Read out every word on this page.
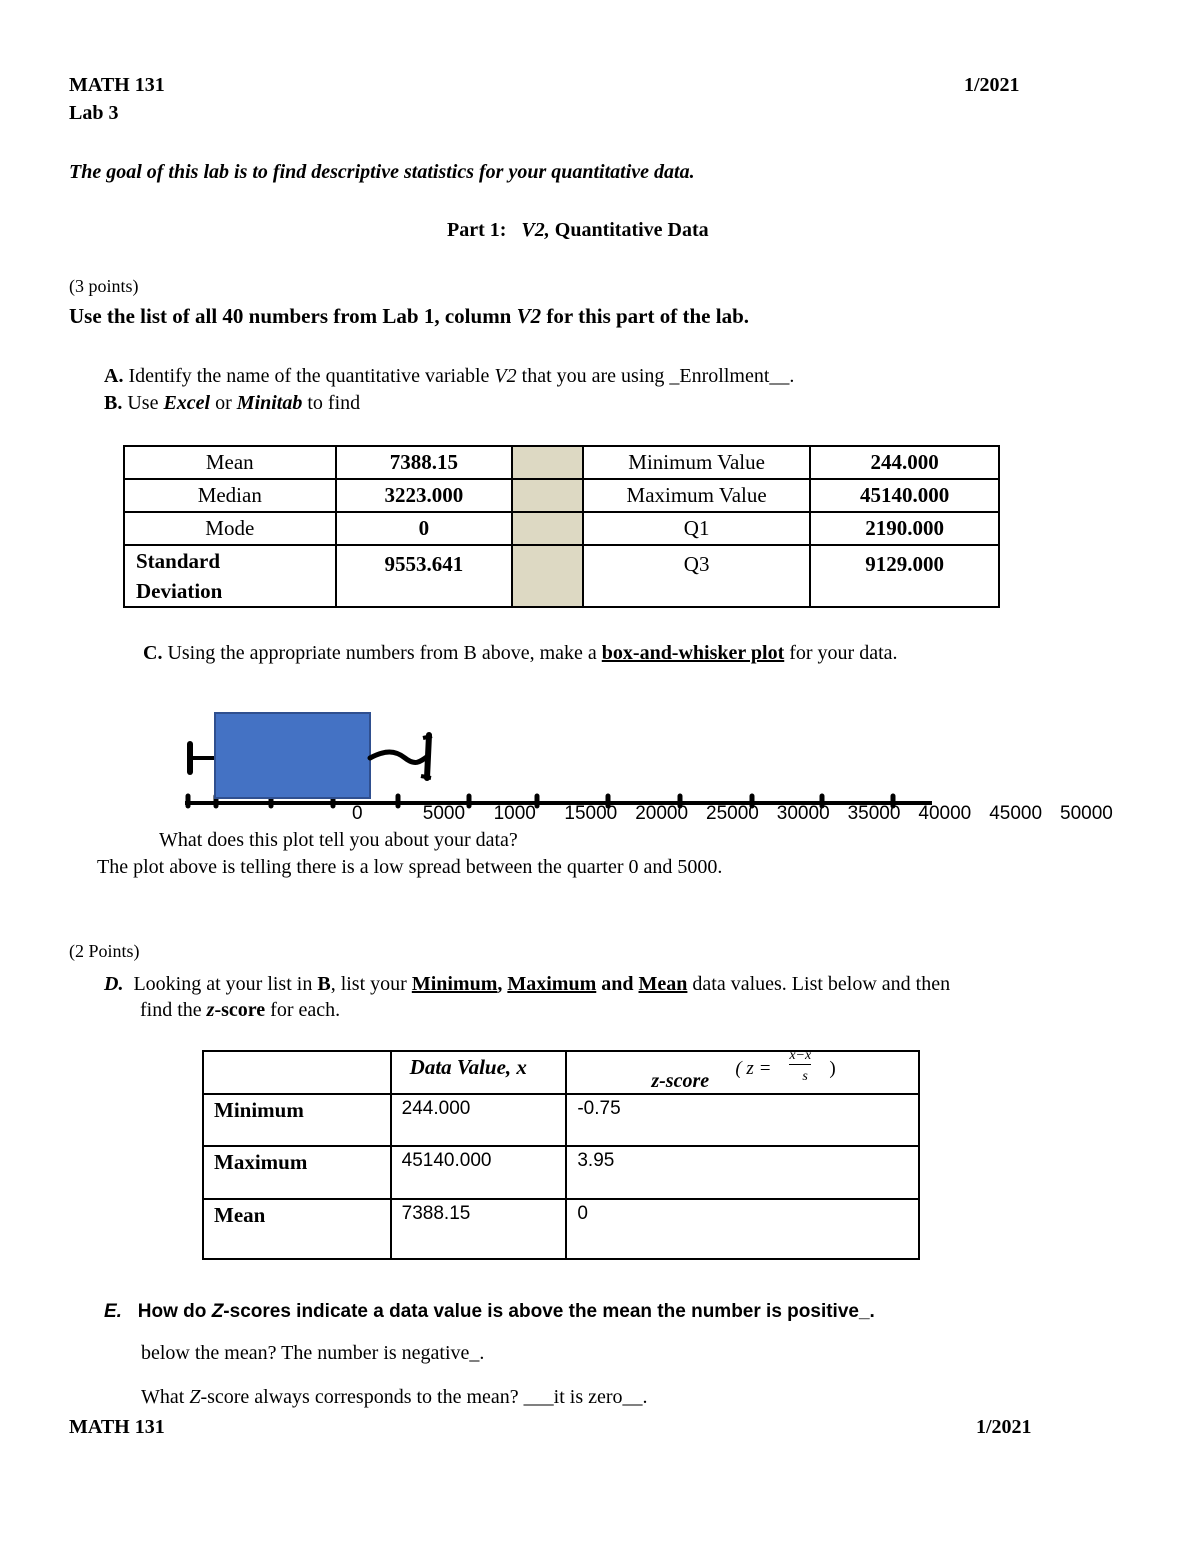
MATH 131	1/2021
Lab 3
The goal of this lab is to find descriptive statistics for your quantitative data.
Part 1: V2, Quantitative Data
(3 points)
Use the list of all 40 numbers from Lab 1, column V2 for this part of the lab.
A. Identify the name of the quantitative variable V2 that you are using _Enrollment__.
B. Use Excel or Minitab to find
Mean	7388.15		Minimum Value	244.000
Median	3223.000		Maximum Value	45140.000
Mode	0		Q1	2190.000

Standard
Deviation	9553.641		Q3	9129.000
C. Using the appropriate numbers from B above, make a box-and-whisker plot for your data.
0	5000 1000 15000 20000 25000 30000 35000 40000 45000 50000
What does this plot tell you about your data?
The plot above is telling there is a low spread between the quarter 0 and 5000.
(2 Points)
D.  Looking at your list in B, list your Minimum, Maximum and Mean data values. List below and then
find the z-score for each.
	Data Value, x	z-score
( z =
x−x
s )

Minimum	244.000	-0.75
Maximum	45140.000	3.95
Mean	7388.15	0
E. How do Z-scores indicate a data value is above the mean the number is positive_.
below the mean? The number is negative_.
What Z-score always corresponds to the mean? ___it is zero__.
MATH 131	1/2021
